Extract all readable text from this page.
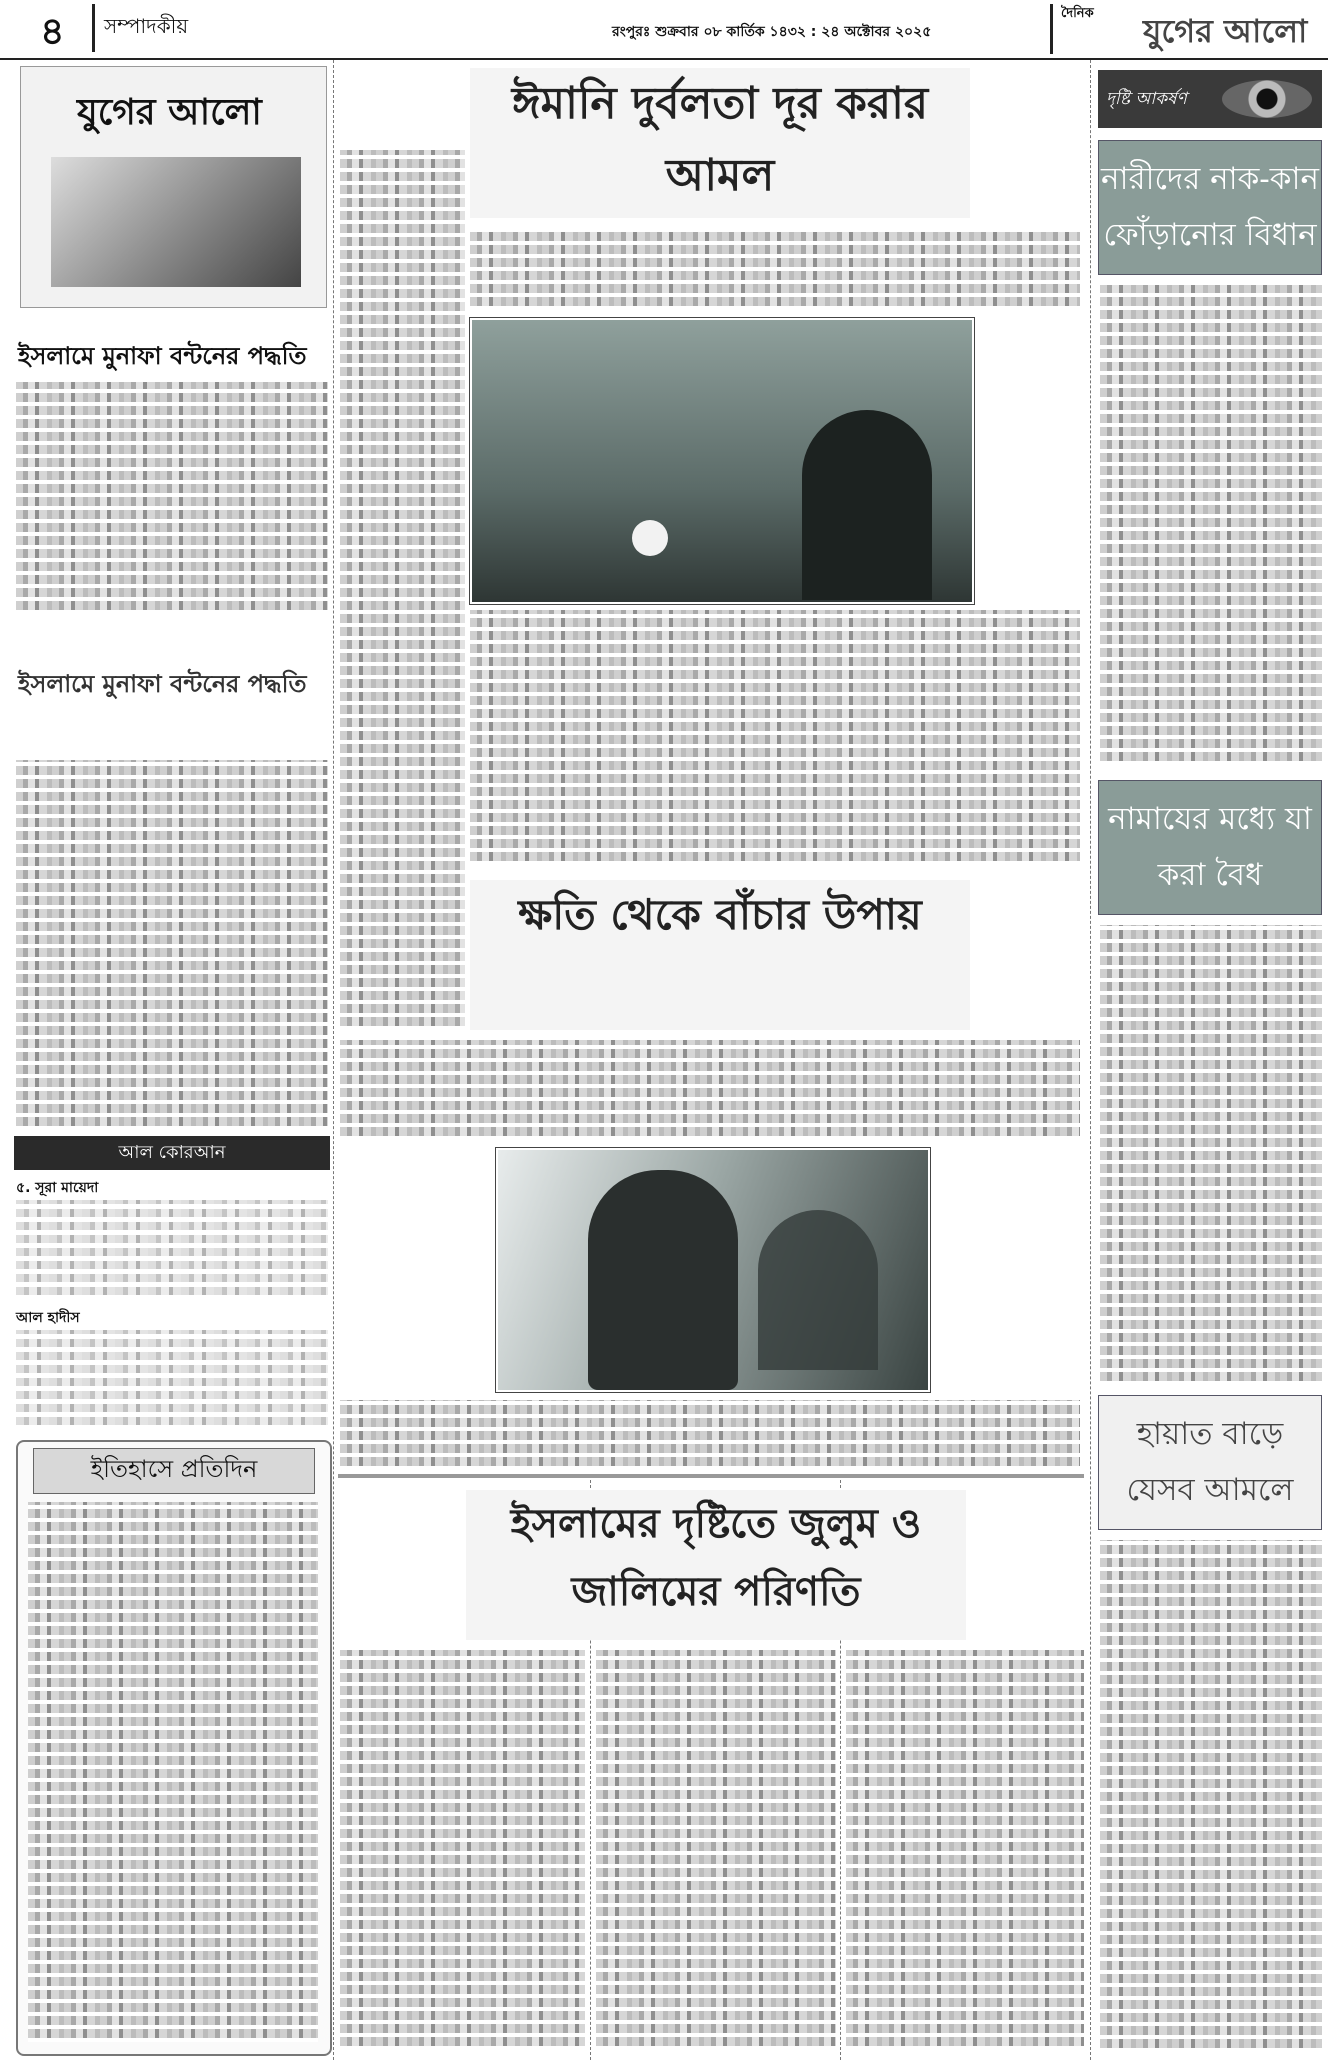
৪ সম্পাদকীয়	রংপুরঃ শুক্রবার ০৮ কার্তিক ১৪৩২ : ২৪ অক্টোবর ২০২৫
দৈনিক	যুগের আলো
যুগের আলো
ইসলামে মুনাফা বন্টনের পদ্ধতি
ইসলামে মুনাফা বন্টনের পদ্ধতি
আল কোরআন
৫. সূরা মায়েদা
আল হাদীস
ইতিহাসে প্রতিদিন
ঈমানি দুর্বলতা দূর করার আমল
ক্ষতি থেকে বাঁচার উপায়
ইসলামের দৃষ্টিতে জুলুম ও জালিমের পরিণতি
দৃষ্টি আকর্ষণ
নারীদের নাক-কান ফোঁড়ানোর বিধান
নামাযের মধ্যে যা করা বৈধ
হায়াত বাড়ে যেসব আমলে
